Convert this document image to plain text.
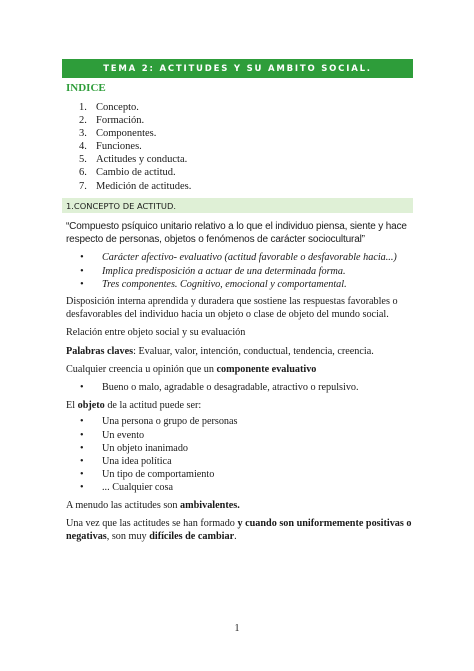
TEMA 2: ACTITUDES Y SU AMBITO SOCIAL.
INDICE
1. Concepto.
2. Formación.
3. Componentes.
4. Funciones.
5. Actitudes y conducta.
6. Cambio de actitud.
7. Medición de actitudes.
1.CONCEPTO DE ACTITUD.

“Compuesto psíquico unitario relativo a lo que el individuo piensa, siente y hace respecto de personas, objetos o fenómenos de carácter sociocultural”

•	Carácter afectivo- evaluativo (actitud favorable o desfavorable hacia...)
•	Implica predisposición a actuar de una determinada forma.
•	Tres componentes. Cognitivo, emocional y comportamental.

Disposición interna aprendida y duradera que sostiene las respuestas favorables o desfavorables del individuo hacia un objeto o clase de objeto del mundo social.

Relación entre objeto social y su evaluación

Palabras claves: Evaluar, valor, intención, conductual, tendencia, creencia.

Cualquier creencia u opinión que un componente evaluativo

•	Bueno o malo, agradable o desagradable, atractivo o repulsivo.

El objeto de la actitud puede ser:

•	Una persona o grupo de personas
•	Un evento
•	Un objeto inanimado
•	Una idea política
•	Un tipo de comportamiento
•	... Cualquier cosa

A menudo las actitudes son ambivalentes.

Una vez que las actitudes se han formado y cuando son uniformemente positivas o negativas, son muy difíciles de cambiar.

1
